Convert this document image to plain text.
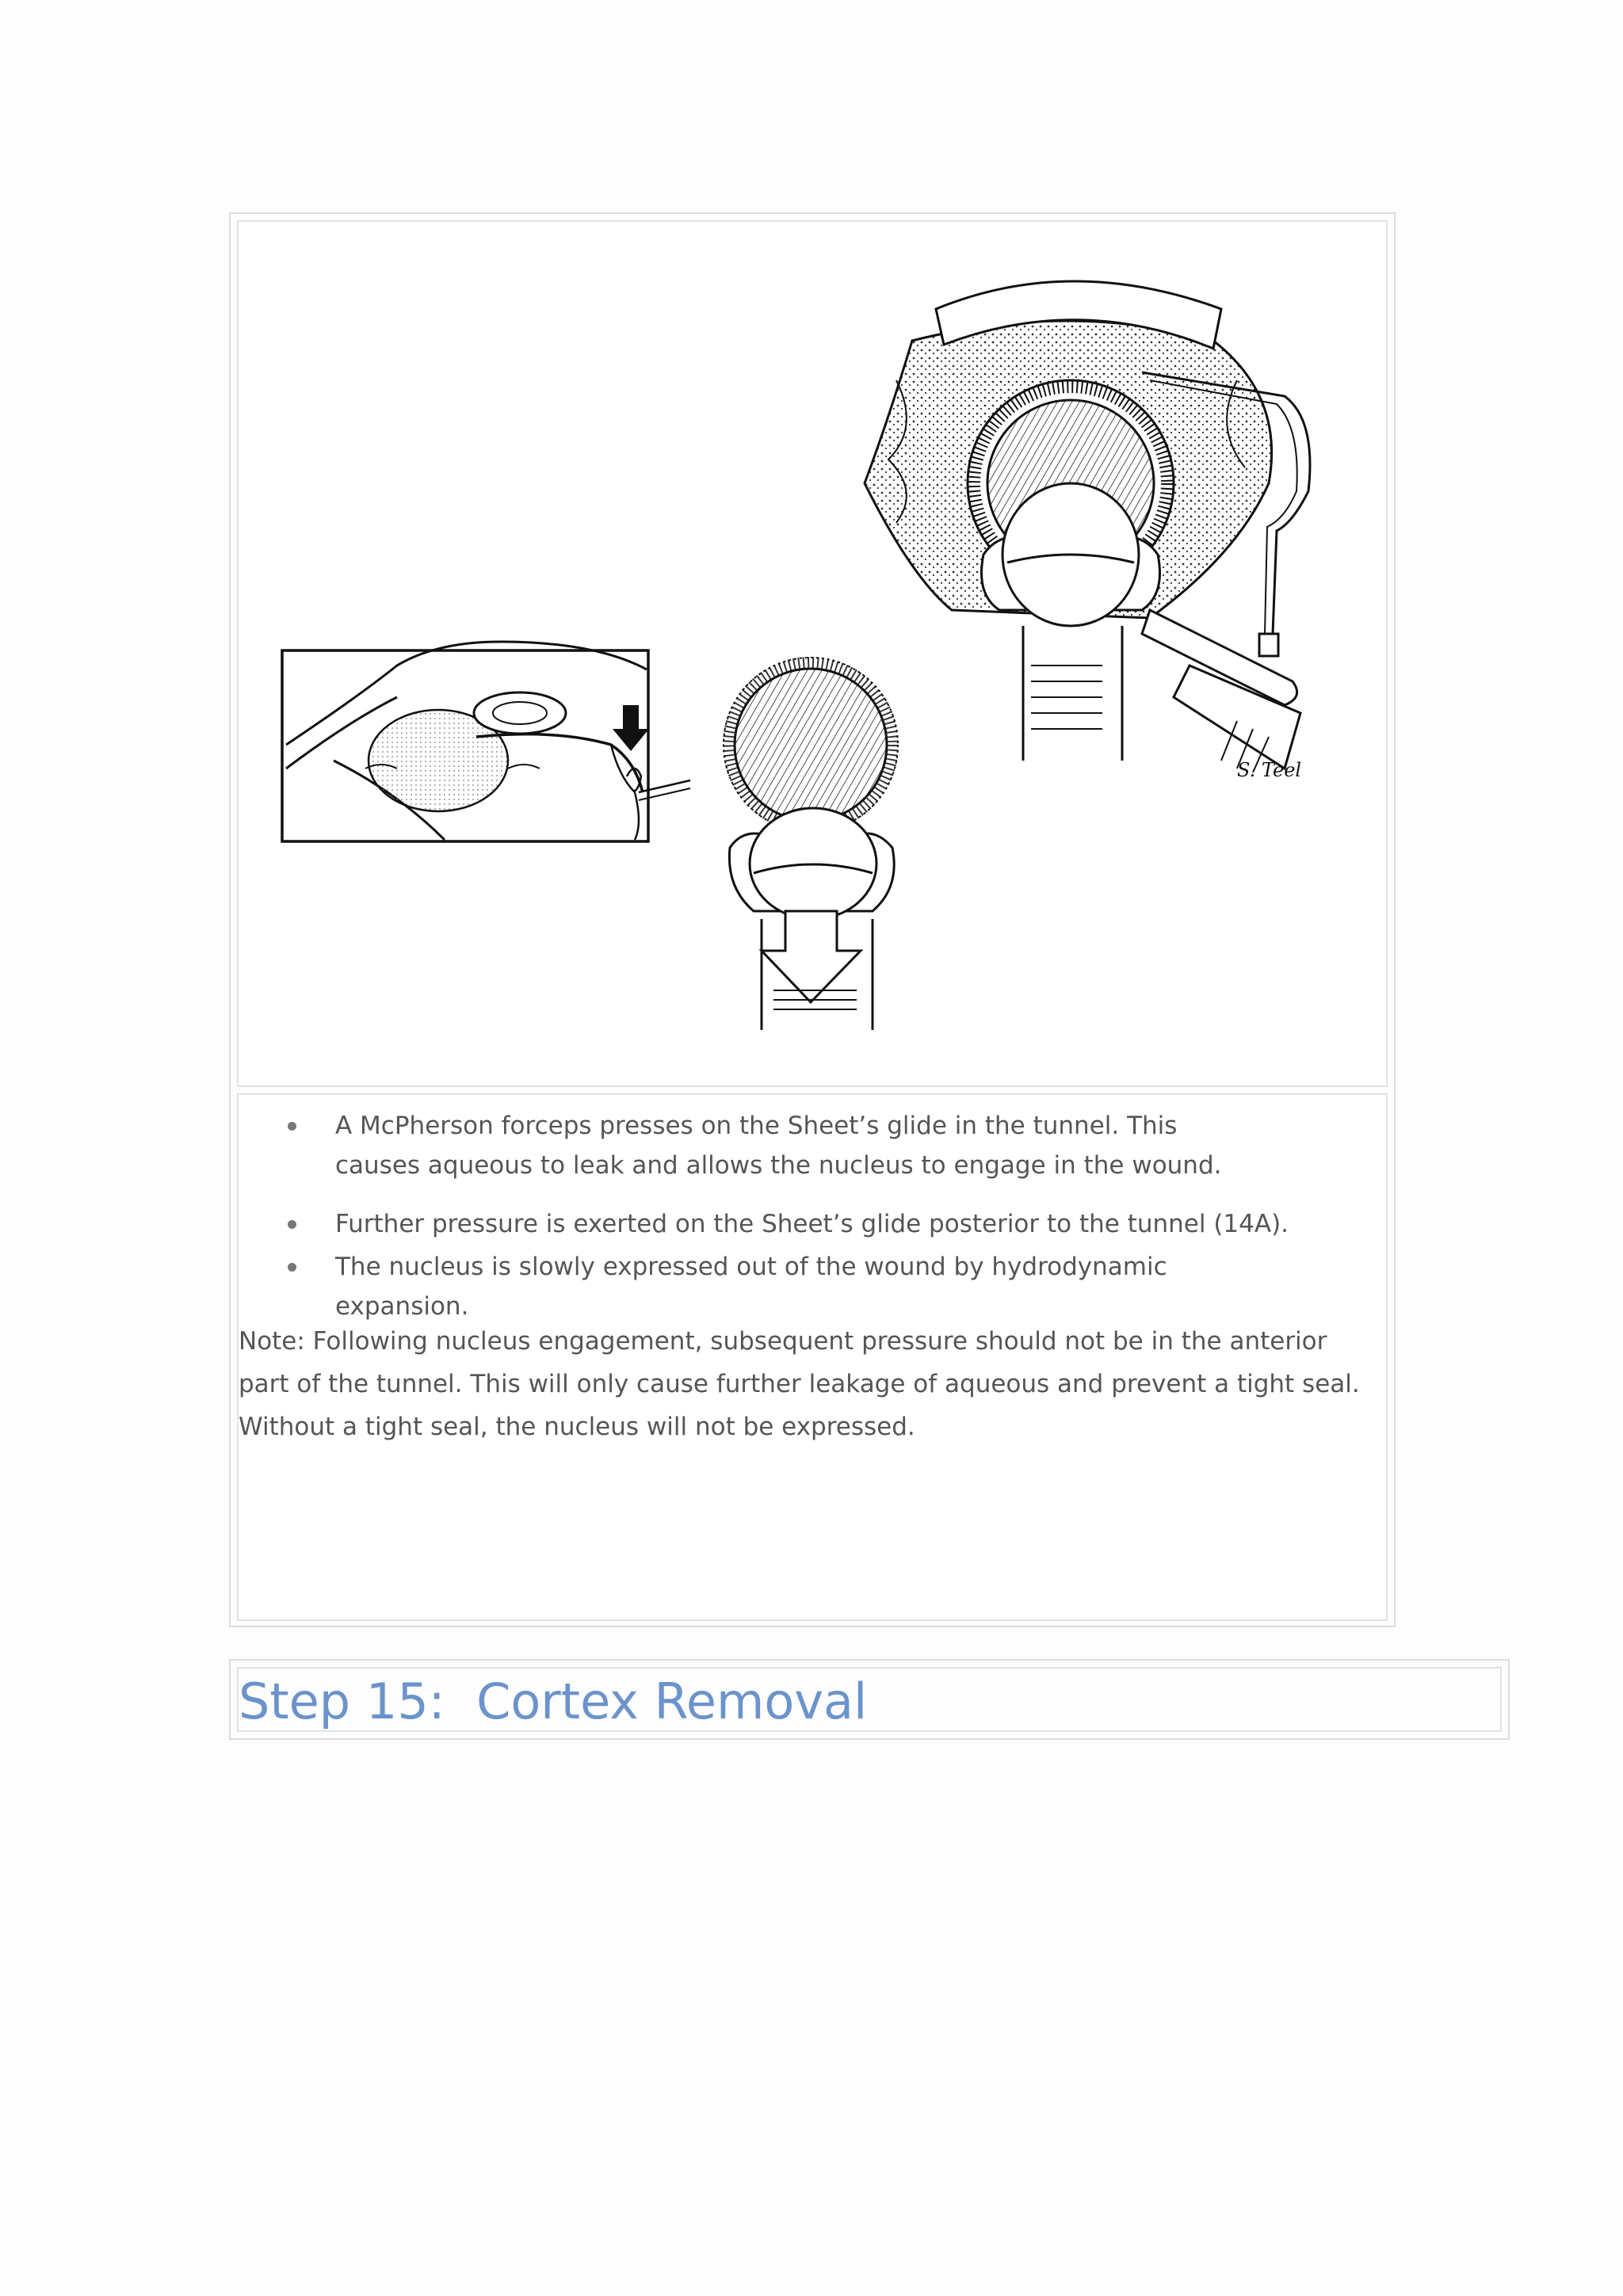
S. Teel
A McPherson forceps presses on the Sheet’s glide in the tunnel. This
causes aqueous to leak and allows the nucleus to engage in the wound.
Further pressure is exerted on the Sheet’s glide posterior to the tunnel (14A).
The nucleus is slowly expressed out of the wound by hydrodynamic expansion.
Note: Following nucleus engagement, subsequent pressure should not be in the anterior
part of the tunnel. This will only cause further leakage of aqueous and prevent a tight seal.
Without a tight seal, the nucleus will not be expressed.
Step 15:  Cortex Removal
